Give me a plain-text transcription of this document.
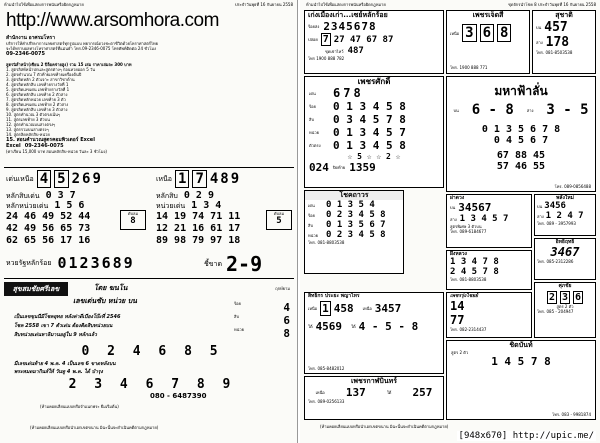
ห้ามนำไปใช้เพื่อแสดงการพนันหรือผิดกฎหมาย	ประจำวันพุธที่ 16 กันยายน 2558
http://www.arsomhora.com
สำนักงาน อาศรมโหรา
บริการให้คำปรึกษาการเลขศาสตร์ทุกรูปแบบ พยากรณ์ดวงชะตาชีวิตด้วยโหราศาสตร์ไทย
จะได้ทราบผลทางโหราศาสตร์ที่แม่นยำ โทร.09-2346-0075 โทรศัพท์ติดต่อ 24 ชั่วโมง
09-2346-0075
สูตรนิล็ำหน้า(เซียน 2 ปีล็อคจ่ายสูง) รวม 15 เล่ม ราคาเล่มละ 300 บาท
1. สูตรลิสท์หน้าปกและสูตรต่างๆ ก่อนหวยออก 5 วัน
2. สูตรคำนวณ 7 ตัวท้ายเลขท้ายเครื่องต้นปี
3. สูตรลิดหลัก 2 ตัวเจาะ สาขาวิชาด้าน
4. สูตรลิดหลักสิบ เลขท้ายรางวัลที่ 1
5. สูตรลิดเลขเด่น เลขท้ายรางวัลที่ 1
6. สูตรลิดหลักสิบ เลขท้าย 2 ตัวล่าง
7. สูตรลิดหลักหน่วย เลขท้าย 3 ตัว
8. สูตรลิดเลขเด่น เลขท้าย 2 ตัวล่าง
9. สูตรลิดหลักสิบ เลขท้าย 3 ตัวล่าง
10. สูตรคำนวณ 3 ตัวตรงเน้นๆ
11. สูตรเลขท้าย 3 ตัวบน
12. สูตรคำนวณบนล่างตรงๆ
13. สูตรรวมบนล่างตรงๆ
14. สูตรลิดหลักสิบ-หน่วย
15. สอนคำนวณสูตรคอมพิวเตอร์ Excel
Excel 09-2346-0075
(ค่าเรียน 15,000 บาท สอนหลักสิบ-หน่วย วันละ 3 ชั่วโมง)
เด่นเหนือ 4 5 269	เหนือ 1 7 489
หลักสิบเด่น 0 3 7
หลักหน่วยเด่น 1 5 6
หลักสิบ 0 2 9
หน่วยเด่น 1 3 4
24 46 49 52 44
42 49 56 65 73
62 65 56 17 16
ดับลม
8	14 19 74 71 11
12 21 16 61 17
89 98 79 97 18
ดับลม
5
หวยรัฐหลักร้อย 0123689	ชี้ขาด 2-9
สุขสมชัยศรีเลข	โดย ฆนโน	ฤกษ์ยาม
เลขเด่นซับ หน่วย บน	ร้อย	4
สิบ	6
หน่วย	8
เป็นเลขขุนนีมีโชคยุทธ หลังค่าดีเบียงโบ๊ะที่ 2546
โชค 2558 เขา 7 ตัวเด่น ต้องติดสิบหน่วยบน
สิบหน่วยเด่นหาลิมานอยู่ใน 9 หลักแล้ว
0 2 4 6 8 5
มีเลขเด่นท้าย 4 พ.ค. 4 เป็นเลข 6 ขาดหลังบน
พระหมดมากินส์ให้ วันทู 4 พ.ค. ได้ บำรุง
2 3 4 6 7 8 9
080 - 6487390
(ห้ามคอยเลียนแบบหรือจำแนกพระ ยืมเริ่มต้น)
(ห้ามคอยเลียนแบบหรือนำเอกเขตขนาน มิฉะนั้นจะดำเนินคดีตามกฎหมาย)
ห้ามนำไปใช้เพื่อแสดงการพนันหรือผิดกฎหมาย	ชุดจักรนำโชค 8 ประจำวันพุธที่ 16 กันยายน 2558
เก่งเมืองเก่า...เซย์หลักร้อย
ร้อยล่ง 2345678
ปล่อย 7 27 47 67 87
ชุดเข่าไหว้ 487
โทร 1900 888 782
เพชรเจ็ดสี
เหนือ 3 6 8
โทร. 1900 888 771
สุชาติ
บน 457
ล่าง 178
โทร. 081-8503538
เพชรศักดิ์
เด่น	678
ร้อย	0 1 3 4 5 8
สิบ	0 3 4 5 7 8
หน่วย	0 1 3 4 5 7
ตัวตรง	0 1 3 4 5 8
☆ 5 ☆ ☆ 2 ☆
024 ปิดท้าย 1359
มหาฟ้าลั่น
บน 6 - 8	ล่าง 3 - 5
0 1 3 5 6 7 8
0 4 5 6 7
67 88 45
57 46 55
โทร. 089-0856488
พลังใหม่
บน 3456
ล่าง 1 2 4 7
โทร. 089 - 3957993
โชคถาวร
เด่น	0 1 3 5 4
ร้อย	0 2 3 4 5 8
สิบ	0 1 3 5 6 7
หน่วย 0 2 3 4 5 8
โทร. 081-8803538
ผ่าดวง
บน 34567
ล่าง 1 3 4 5 7
สูตรพิเศษ 3 ตัวบน
โทร. 089-6184677
ผึ้งหลวง
1 3 4 7 8
2 4 5 7 8
โทร. 081-8803538
อิทธิฤทธิ์
3467
โทร. 085-2312286
สิทธิกร ประยะ พญาไทร
เหนือ 1 458 เหนือ 3457
ใต้ 4569 ใต้ 4 - 5 - 8
โทร. 085-8482012
เพชรรุ่งไชยย์
14
77
โทร. 082-2314437
ศุภชัย
2 3 6
สูตร 2 ตัว
โทร. 085 - 204947
เพชรกาฬบินทร์
เหนือ 137	ใต้ 257
โทร. 089-0256133
ชิดบันท์
สูตร 2 ตัว
1 4 5 7 8
โทร. 083 - 9981874
(ห้ามคอยเลียนแบบหรือนำเอกเขตขนาน มิฉะนั้นจะดำเนินคดีตามกฎหมาย)
[948x670] http://upic.me/
